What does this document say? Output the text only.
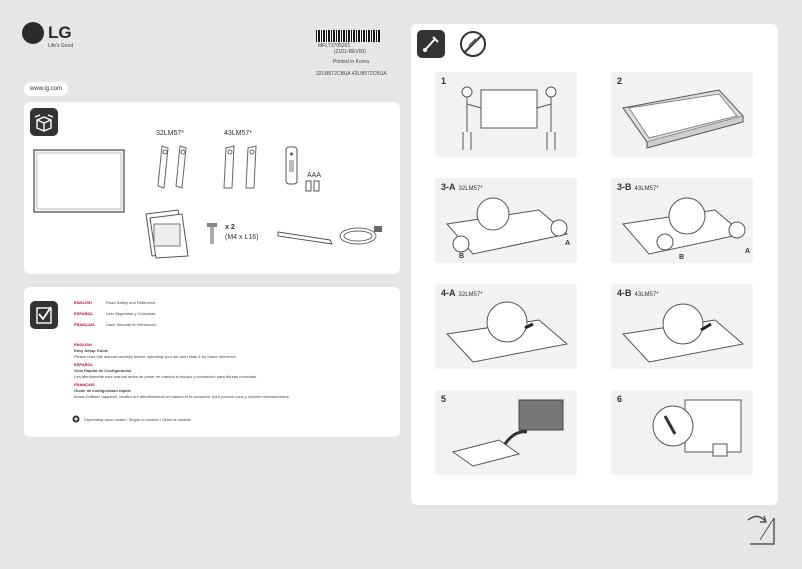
LG
Life's Good	MFL71705201
(2101-REV00)
Printed in Korea
32LM572CBUA 43LM572CBUA
www.lg.com
32LM57*	43LM57*
AAA
x 2
(M4 x L16)
ENGLISH	Read Safety and Reference.
ESPAÑOL	Leer Seguridad y Consultas.
FRANÇAIS	Lisez Sécurité et références.
ENGLISH
Easy Setup Guide
Please read this manual carefully before operating your set and retain it for future reference.
ESPAÑOL
Guía Rápida de Configuración
Lea atentamente este manual antes de poner en marcha el equipo y consérvelo para futuras consultas.
FRANÇAIS
Guide de configuration rapide
Avant d'utiliser l'appareil, veuillez lire attentivement ce manuel et le conserver pour pouvoir vous y reporter ultérieurement.
Depending upon model / Según el modelo / Selon le modèle
1	2
3-A 32LM57*
A
B
3-B 43LM57*
A
B
4-A 32LM57*	4-B 43LM57*
5	6
